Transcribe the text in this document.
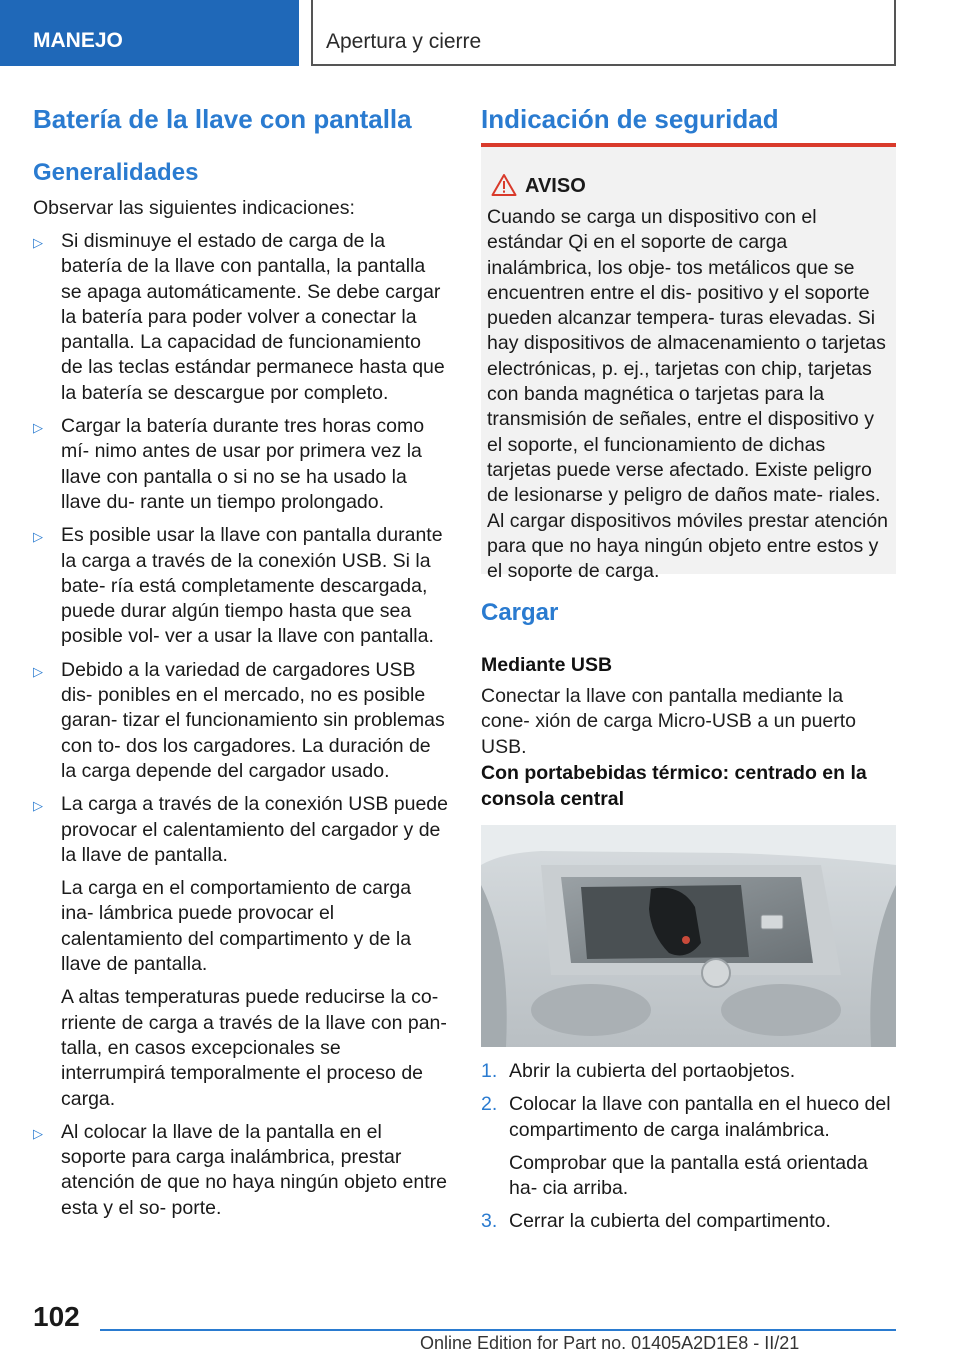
MANEJO	Apertura y cierre
Batería de la llave con pantalla
Generalidades

Observar las siguientes indicaciones:

▷ Si disminuye el estado de carga de la batería de la llave con pantalla, la pantalla se apaga automáticamente. Se debe cargar la batería para poder volver a conectar la pantalla. La capacidad de funcionamiento de las teclas estándar permanece hasta que la batería se descargue por completo.
▷ Cargar la batería durante tres horas como mí- nimo antes de usar por primera vez la llave con pantalla o si no se ha usado la llave du- rante un tiempo prolongado.
▷ Es posible usar la llave con pantalla durante la carga a través de la conexión USB. Si la bate- ría está completamente descargada, puede durar algún tiempo hasta que sea posible vol- ver a usar la llave con pantalla.
▷ Debido a la variedad de cargadores USB dis- ponibles en el mercado, no es posible garan- tizar el funcionamiento sin problemas con to- dos los cargadores. La duración de la carga depende del cargador usado.
▷ La carga a través de la conexión USB puede provocar el calentamiento del cargador y de la llave de pantalla.
La carga en el comportamiento de carga ina- lámbrica puede provocar el calentamiento del compartimento y de la llave de pantalla.
A altas temperaturas puede reducirse la co- rriente de carga a través de la llave con pan- talla, en casos excepcionales se interrumpirá temporalmente el proceso de carga.
▷ Al colocar la llave de la pantalla en el soporte para carga inalámbrica, prestar atención de que no haya ningún objeto entre esta y el so- porte.
Indicación de seguridad
AVISO

Cuando se carga un dispositivo con el estándar Qi en el soporte de carga inalámbrica, los obje- tos metálicos que se encuentren entre el dis- positivo y el soporte pueden alcanzar tempera- turas elevadas. Si hay dispositivos de almacenamiento o tarjetas electrónicas, p. ej., tarjetas con chip, tarjetas con banda magnética o tarjetas para la transmisión de señales, entre el dispositivo y el soporte, el funcionamiento de dichas tarjetas puede verse afectado. Existe peligro de lesionarse y peligro de daños mate- riales. Al cargar dispositivos móviles prestar atención para que no haya ningún objeto entre estos y el soporte de carga.

Cargar
Mediante USB

Conectar la llave con pantalla mediante la cone- xión de carga Micro-USB a un puerto USB.

Con portabebidas térmico: centrado en la consola central
1. Abrir la cubierta del portaobjetos.
2. Colocar la llave con pantalla en el hueco del compartimento de carga inalámbrica.
Comprobar que la pantalla está orientada ha- cia arriba.
3. Cerrar la cubierta del compartimento.
102
Online Edition for Part no. 01405A2D1E8 - II/21
